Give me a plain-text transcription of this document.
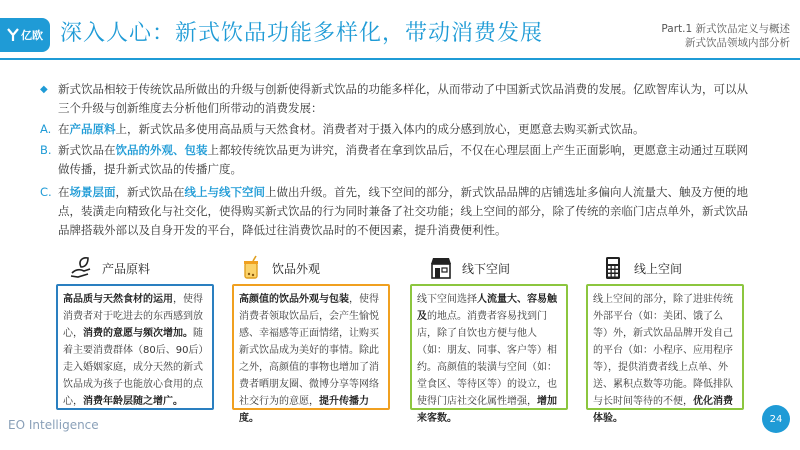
亿欧 深入人心：新式饮品功能多样化，带动消费发展	Part.1 新式饮品定义与概述
新式饮品领域内部分析
◆ 新式饮品相较于传统饮品所做出的升级与创新使得新式饮品的功能多样化，从而带动了中国新式饮品消费的发展。亿欧智库认为，可以从三个升级与创新维度去分析他们所带动的消费发展：
A. 在产品原料上，新式饮品多使用高品质与天然食材。消费者对于摄入体内的成分感到放心，更愿意去购买新式饮品。
B. 新式饮品在饮品的外观、包装上都较传统饮品更为讲究，消费者在拿到饮品后，不仅在心理层面上产生正面影响，更愿意主动通过互联网做传播，提升新式饮品的传播广度。
C. 在场景层面，新式饮品在线上与线下空间上做出升级。首先，线下空间的部分，新式饮品品牌的店铺选址多偏向人流量大、触及方便的地点，装潢走向精致化与社交化，使得购买新式饮品的行为同时兼备了社交功能；线上空间的部分，除了传统的亲临门店点单外，新式饮品品牌搭载外部以及自身开发的平台，降低过往消费饮品时的不便因素，提升消费便利性。
产品原料	饮品外观	线下空间	线上空间
高品质与天然食材的运用，使得消费者对于吃进去的东西感到放心，消费的意愿与频次增加。随着主要消费群体（80后、90后）走入婚姻家庭，成分天然的新式饮品成为孩子也能放心食用的点心，消费年龄层随之增广。
高颜值的饮品外观与包装，使得消费者领取饮品后，会产生愉悦感、幸福感等正面情绪，让购买新式饮品成为美好的事情。除此之外，高颜值的事物也增加了消费者晒朋友圈、微博分享等网络社交行为的意愿，提升传播力度。
线下空间选择人流量大、容易触及的地点。消费者容易找到门店，除了自饮也方便与他人（如：朋友、同事、客户等）相约。高颜值的装潢与空间（如：堂食区、等待区等）的设立，也使得门店社交化属性增强，增加来客数。
线上空间的部分，除了进驻传统外部平台（如：美团、饿了么等）外，新式饮品品牌开发自己的平台（如：小程序、应用程序等），提供消费者线上点单、外送、累积点数等功能。降低排队与长时间等待的不便，优化消费体验。
EO Intelligence	24
